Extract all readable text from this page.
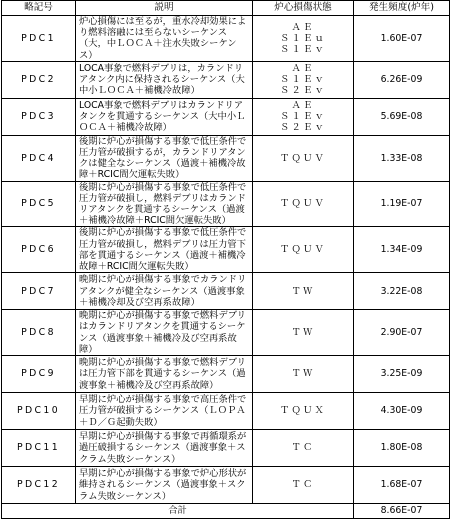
略記号	説明	炉心損傷状態	発生頻度(炉年)
PDC1	炉心損傷には至るが，重水冷却効果により燃料溶融には至らないシーケンス（大，中ＬＯＣＡ＋注水失敗シーケンス）	ＡＥ
Ｓ１Ｅｕ
Ｓ１Ｅｖ	1.60E-07
PDC2	LOCA事象で燃料デブリは，カランドリアタンク内に保持されるシーケンス（大中小ＬＯＣＡ＋補機冷故障）	ＡＥ
Ｓ１Ｅｖ
Ｓ２Ｅｖ	6.26E-09
PDC3	LOCA事象で燃料デブリはカランドリアタンクを貫通するシーケンス（大中小ＬＯＣＡ＋補機冷故障）	ＡＥ
Ｓ１Ｅｖ
Ｓ２Ｅｖ	5.69E-08
PDC4	後期に炉心が損傷する事象で低圧条件で圧力管が破損するが，カランドリアタンクは健全なシーケンス（過渡＋補機冷故障＋RCIC間欠運転失敗）	ＴＱＵＶ	1.33E-08
PDC5	後期に炉心が損傷する事象で低圧条件で圧力管が破損し，燃料デブリはカランドリアタンクを貫通するシーケンス（過渡＋補機冷故障＋RCIC間欠運転失敗）	ＴＱＵＶ	1.19E-07
PDC6	後期に炉心が損傷する事象で低圧条件で圧力管が破損し，燃料デブリは圧力管下部を貫通するシーケンス（過渡＋補機冷故障＋RCIC間欠運転失敗）	ＴＱＵＶ	1.34E-09
PDC7	晩期に炉心が損傷する事象でカランドリアタンクが健全なシーケンス（過渡事象＋補機冷却及び空再系故障）	ＴＷ	3.22E-08
PDC8	晩期に炉心が損傷する事象で燃料デブリはカランドリアタンクを貫通するシーケンス（過渡事象＋補機冷及び空再系故障）	ＴＷ	2.90E-07
PDC9	晩期に炉心が損傷する事象で燃料デブリは圧力管下部を貫通するシーケンス（過渡事象＋補機冷及び空再系故障）	ＴＷ	3.25E-09
PDC10	早期に炉心が損傷する事象で高圧条件で圧力管が破損するシーケンス（ＬＯＰＡ＋Ｄ／Ｇ起動失敗）	ＴＱＵＸ	4.30E-09
PDC11	早期に炉心が損傷する事象で再循環系が過圧破損するシーケンス（過渡事象＋スクラム失敗シーケンス）	ＴＣ	1.80E-08
PDC12	早期に炉心が損傷する事象で炉心形状が維持されるシーケンス（過渡事象＋スクラム失敗シーケンス）	ＴＣ	1.68E-07
合計			8.66E-07
